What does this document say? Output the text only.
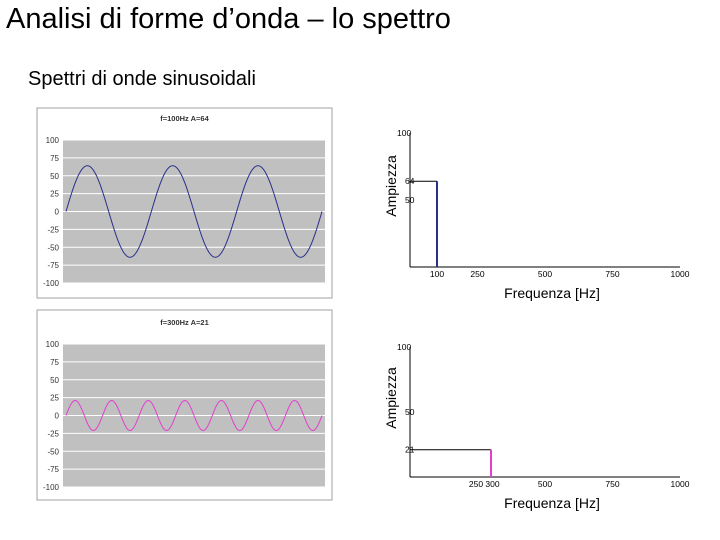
Analisi di forme d’onda – lo spettro
Spettri di onde sinusoidali
f=100Hz A=64
100
75
50
25
0
-25
-50
-75
-100
f=300Hz A=21
100
75
50
25
0
-25
-50
-75
-100
100
64
50
100	250	500	750	1000
Frequenza [Hz]
Ampiezza
100
50
21
250 300	500	750	1000
Frequenza [Hz]
Ampiezza
